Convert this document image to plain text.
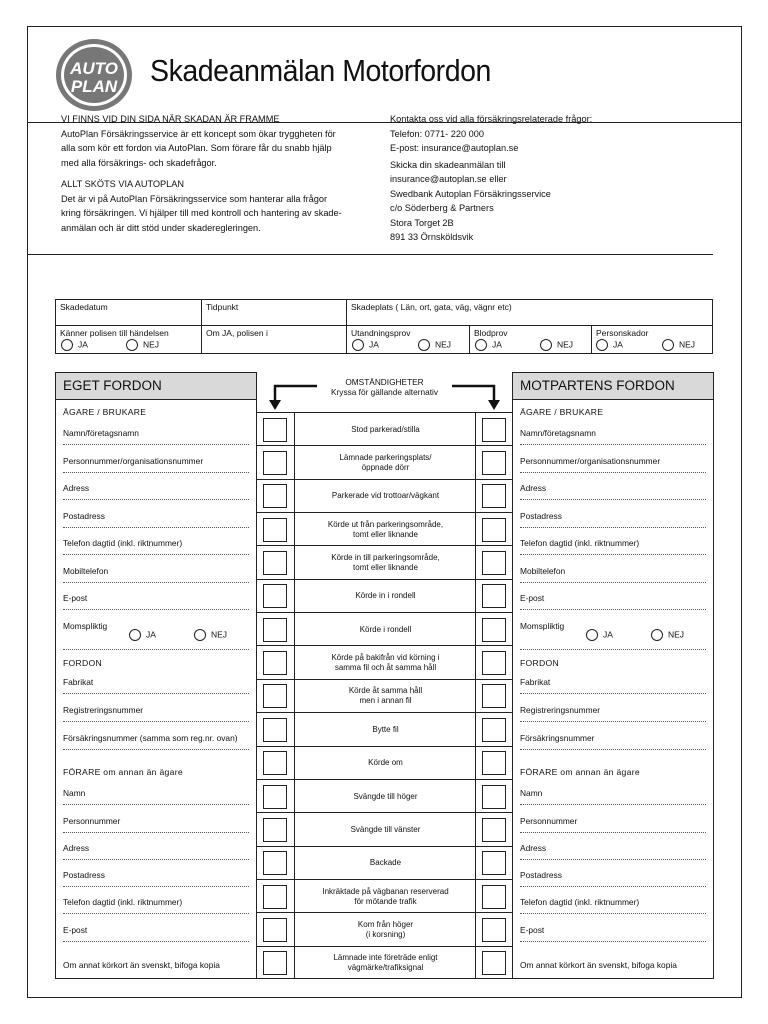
AUTO
PLAN Skadeanmälan Motorfordon
VI FINNS VID DIN SIDA NÄR SKADAN ÄR FRAMME
AutoPlan Försäkringsservice är ett koncept som ökar tryggheten för
alla som kör ett fordon via AutoPlan. Som förare får du snabb hjälp
med alla försäkrings- och skadefrågor.
ALLT SKÖTS VIA AUTOPLAN
Det är vi på AutoPlan Försäkringsservice som hanterar alla frågor
kring försäkringen. Vi hjälper till med kontroll och hantering av skade-
anmälan och är ditt stöd under skaderegleringen.
Kontakta oss vid alla försäkringsrelaterade frågor:
Telefon: 0771- 220 000
E-post: insurance@autoplan.se
Skicka din skadeanmälan till
insurance@autoplan.se eller
Swedbank Autoplan Försäkringsservice
c/o Söderberg & Partners
Stora Torget 2B
891 33 Örnsköldsvik
Skadedatum	Tidpunkt	Skadeplats ( Län, ort, gata, väg, vägnr etc)
Känner polisen till händelsen	Om JA, polisen i	Utandningsprov	Blodprov	Personskador
JA	NEJ	JA	NEJ	JA	NEJ	JA	NEJ
EGET FORDON
ÄGARE / BRUKARE
Namn/företagsnamn
Personnummer/organisationsnummer
Adress
Postadress
Telefon dagtid (inkl. riktnummer)
Mobiltelefon
E-post
Momspliktig
JA	NEJ
FORDON
Fabrikat
Registreringsnummer
Försäkringsnummer (samma som reg.nr. ovan)
FÖRARE om annan än ägare
Namn
Personnummer
Adress
Postadress
Telefon dagtid (inkl. riktnummer)
E-post
Om annat körkort än svenskt, bifoga kopia
MOTPARTENS FORDON
ÄGARE / BRUKARE
Namn/företagsnamn
Personnummer/organisationsnummer
Adress
Postadress
Telefon dagtid (inkl. riktnummer)
Mobiltelefon
E-post
Momspliktig
JA	NEJ
FORDON
Fabrikat
Registreringsnummer
Försäkringsnummer
FÖRARE om annan än ägare
Namn
Personnummer
Adress
Postadress
Telefon dagtid (inkl. riktnummer)
E-post
Om annat körkort än svenskt, bifoga kopia
OMSTÄNDIGHETER
Kryssa för gällande alternativ
Stod parkerad/stilla
Lämnade parkeringsplats/
öppnade dörr
Parkerade vid trottoar/vägkant
Körde ut från parkeringsområde,
tomt eller liknande
Körde in till parkeringsområde,
tomt eller liknande
Körde in i rondell
Körde i rondell
Körde på bakifrån vid körning i
samma fil och åt samma håll
Körde åt samma håll
men i annan fil
Bytte fil
Körde om
Svängde till höger
Svängde till vänster
Backade
Inkräktade på vägbanan reserverad
för mötande trafik
Kom från höger
(i korsning)
Lämnade inte företräde enligt
vägmärke/trafiksignal
